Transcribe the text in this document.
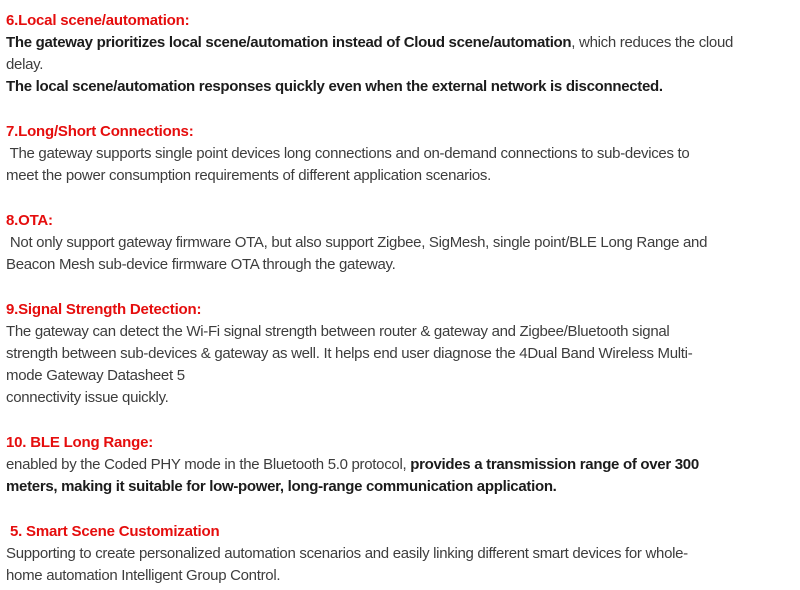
6.Local scene/automation:
The gateway prioritizes local scene/automation instead of Cloud scene/automation, which reduces the cloud
delay.
The local scene/automation responses quickly even when the external network is disconnected.
7.Long/Short Connections:
The gateway supports single point devices long connections and on-demand connections to sub-devices to
meet the power consumption requirements of different application scenarios.
8.OTA:
Not only support gateway firmware OTA, but also support Zigbee, SigMesh, single point/BLE Long Range and
Beacon Mesh sub-device firmware OTA through the gateway.
9.Signal Strength Detection:
The gateway can detect the Wi-Fi signal strength between router & gateway and Zigbee/Bluetooth signal
strength between sub-devices & gateway as well. It helps end user diagnose the 4Dual Band Wireless Multi-
mode Gateway Datasheet 5
connectivity issue quickly.
10. BLE Long Range:
enabled by the Coded PHY mode in the Bluetooth 5.0 protocol, provides a transmission range of over 300
meters, making it suitable for low-power, long-range communication application.
5. Smart Scene Customization
Supporting to create personalized automation scenarios and easily linking different smart devices for whole-
home automation Intelligent Group Control.
